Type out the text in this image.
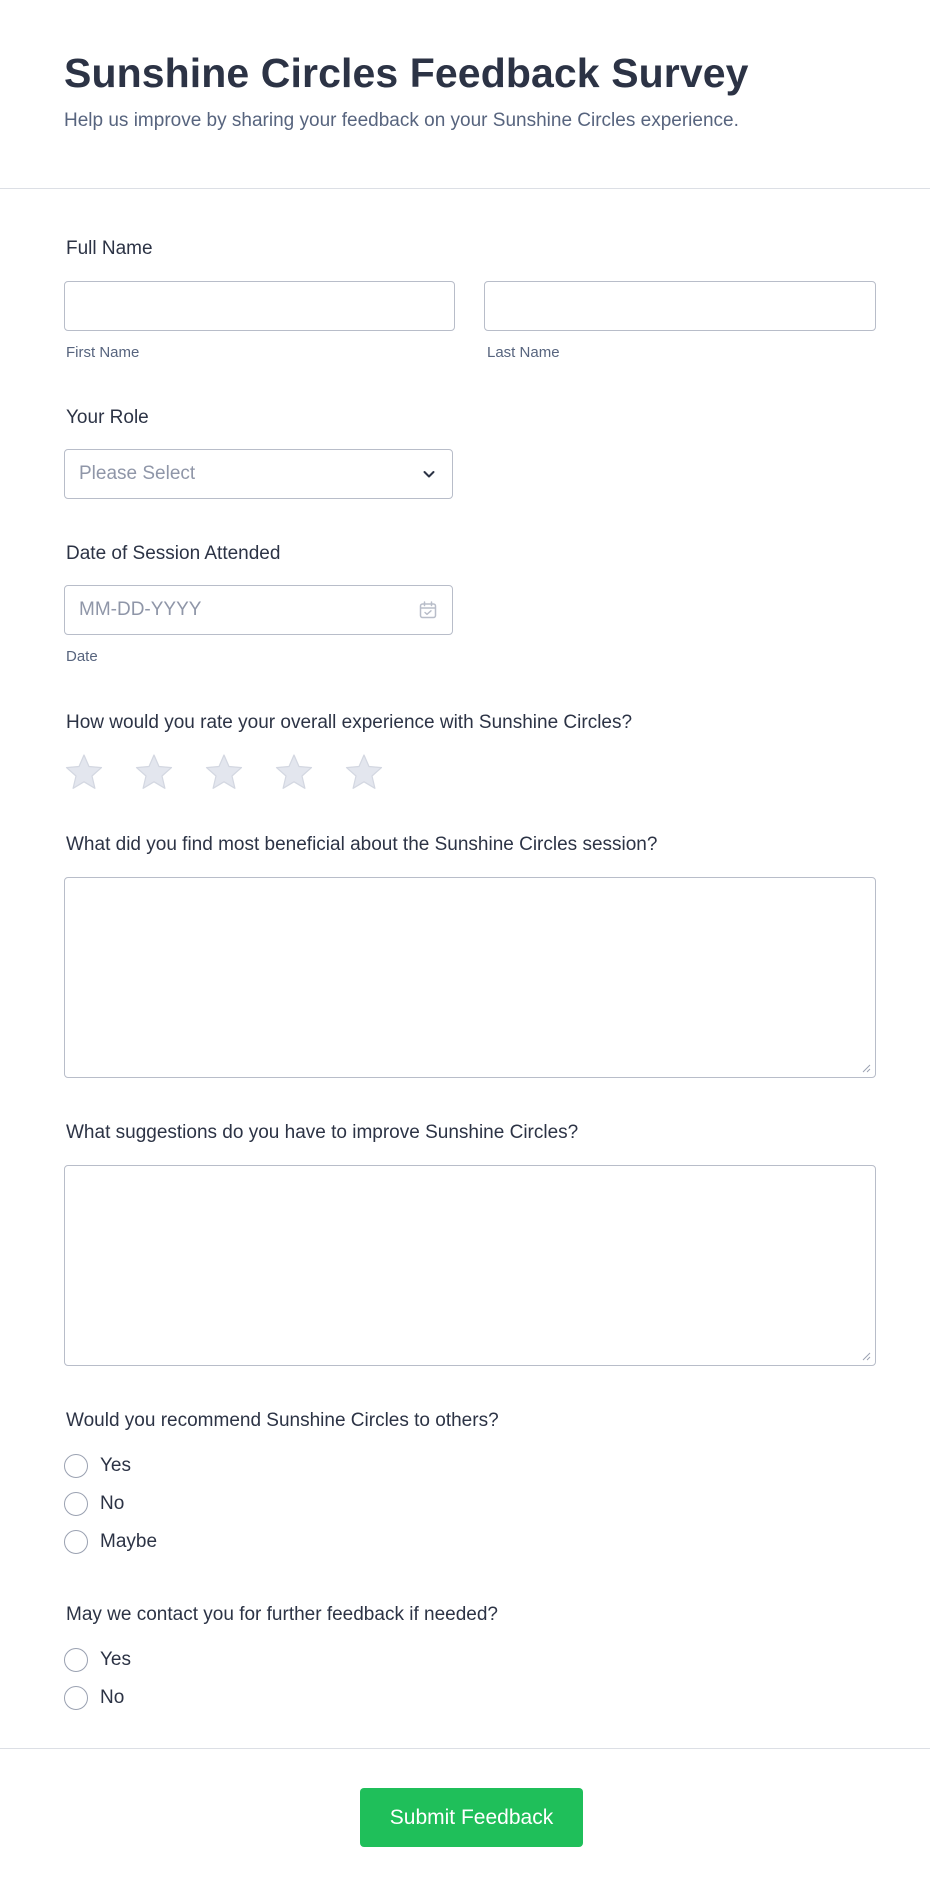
Sunshine Circles Feedback Survey

Help us improve by sharing your feedback on your Sunshine Circles experience.

Full Name
First Name	Last Name
Your Role
Please Select
Date of Session Attended
MM-DD-YYYY
Date
How would you rate your overall experience with Sunshine Circles?
What did you find most beneficial about the Sunshine Circles session?
What suggestions do you have to improve Sunshine Circles?
Would you recommend Sunshine Circles to others?
Yes
No
Maybe
May we contact you for further feedback if needed?
Yes
No
Submit Feedback
